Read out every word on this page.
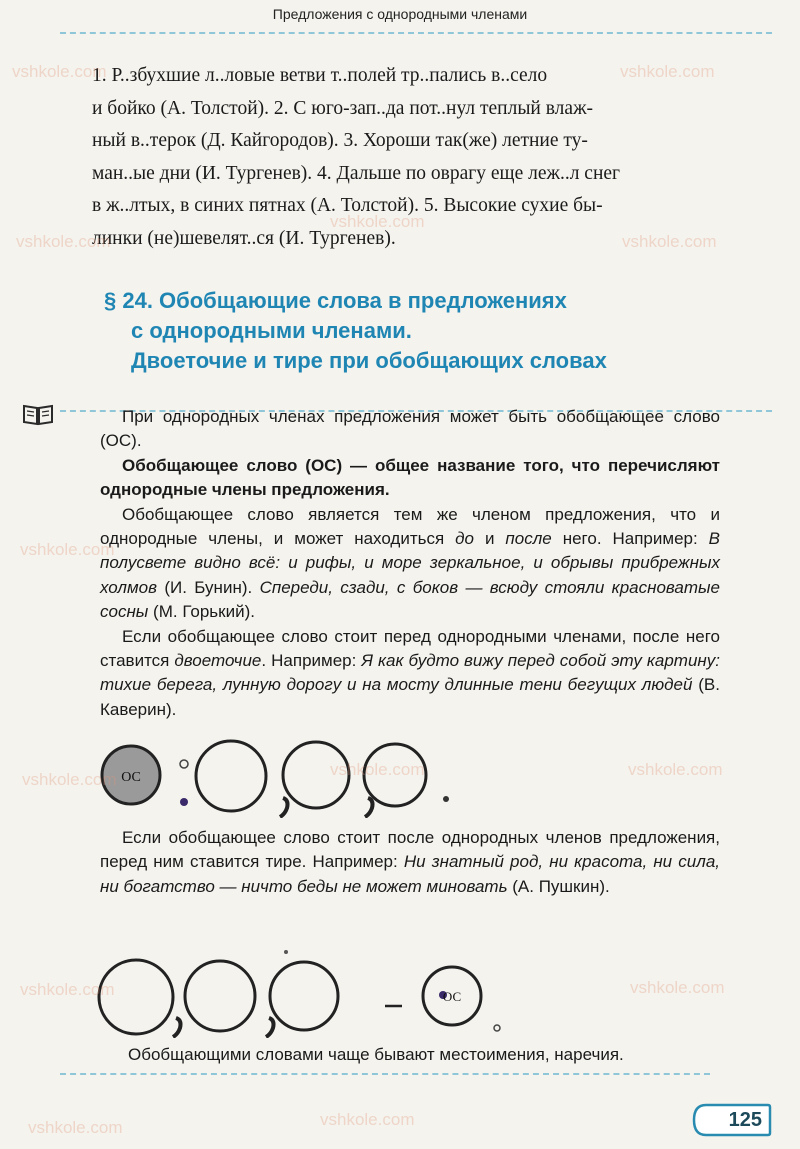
Предложения с однородными членами
1. Р..збухшие л..ловые ветви т..полей тр..пались в..село
и бойко (А. Толстой). 2. С юго-зап..да пот..нул теплый влаж-
ный в..терок (Д. Кайгородов). 3. Хороши так(же) летние ту-
ман..ые дни (И. Тургенев). 4. Дальше по оврагу еще леж..л снег
в ж..лтых, в синих пятнах (А. Толстой). 5. Высокие сухие бы-
линки (не)шевелят..ся (И. Тургенев).
§ 24. Обобщающие слова в предложениях
с однородными членами.
Двоеточие и тире при обобщающих словах

При однородных членах предложения может быть обобщающее слово (ОС).

Обобщающее слово (ОС) — общее название того, что перечисляют однородные члены предложения.

Обобщающее слово является тем же членом предложения, что и однородные члены, и может находиться до и после него. Например: В полусвете видно всё: и рифы, и море зеркальное, и обрывы прибрежных холмов (И. Бунин). Спереди, сзади, с боков — всюду стояли красноватые сосны (М. Горький).

Если обобщающее слово стоит перед однородными членами, после него ставится двоеточие. Например: Я как будто вижу перед собой эту картину: тихие берега, лунную дорогу и на мосту длинные тени бегущих людей (В. Каверин).

ОС

Если обобщающее слово стоит после однородных членов предложения, перед ним ставится тире. Например: Ни знатный род, ни красота, ни сила, ни богатство — ничто беды не может миновать (А. Пушкин).

ОС
Обобщающими словами чаще бывают местоимения, наречия.
125
vshkole.com	vshkole.com
vshkole.com
vshkole.com
vshkole.com
vshkole.com
vshkole.com
vshkole.com	vshkole.com
vshkole.com	vshkole.com
vshkole.com	vshkole.com
